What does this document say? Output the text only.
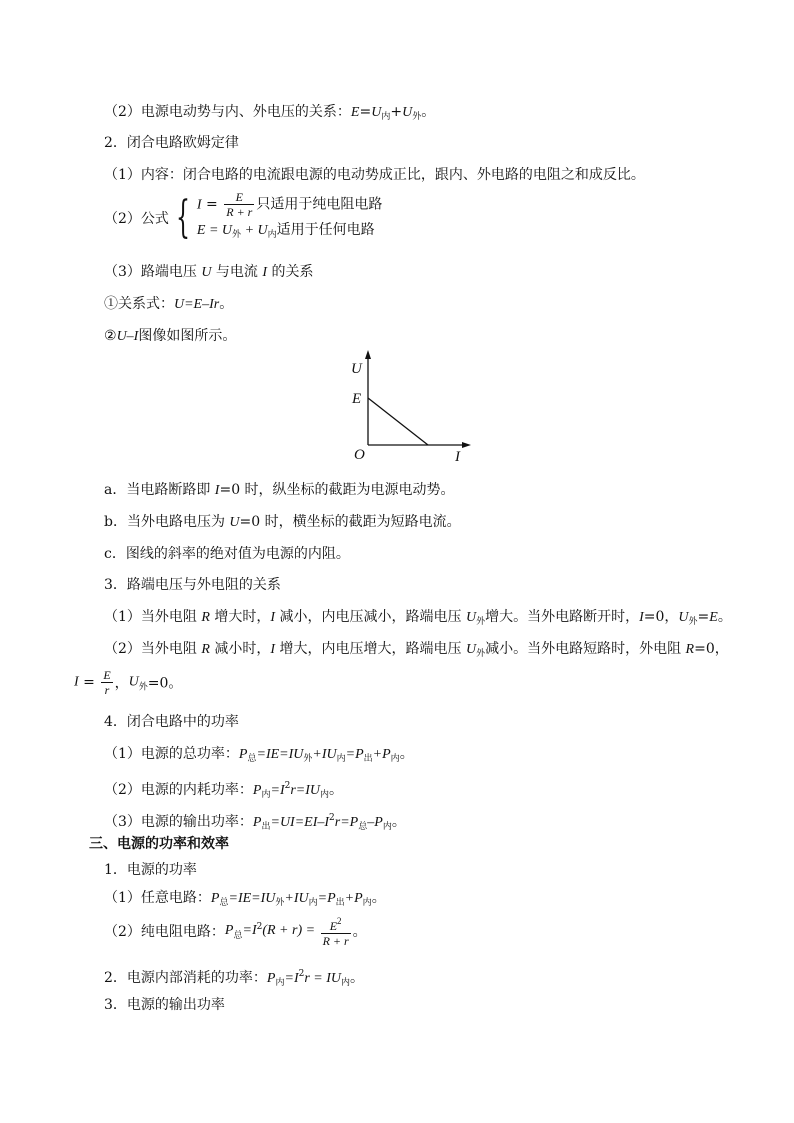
（2）电源电动势与内、外电压的关系：$E=U_内+U_外$。
2．闭合电路欧姆定律
（1）内容：闭合电路的电流跟电源的电动势成正比，跟内、外电路的电阻之和成反比。
（2）公式 { $I = \frac{E}{R + r}$ 只适用于纯电阻电路
$E = U_外 + U_内$适用于任何电路
（3）路端电压 U 与电流 I 的关系
①关系式：U=E–Ir。
②U–I图像如图所示。
U
E
O	I
a．当电路断路即 I=0 时，纵坐标的截距为电源电动势。
b．当外电路电压为 U=0 时，横坐标的截距为短路电流。
c．图线的斜率的绝对值为电源的内阻。
3．路端电压与外电阻的关系
（1）当外电阻 R 增大时，I 减小，内电压减小，路端电压 $U_外$增大。当外电路断开时，I=0，$U_外=E$。
（2）当外电阻 R 减小时，I 增大，内电压增大，路端电压 $U_外$减小。当外电路短路时，外电阻 R=0，
$I = \frac{E}{r}$ ，$U_外=0$。
4．闭合电路中的功率
（1）电源的总功率：$P_总=IE=IU_外+IU_内=P_出+P_内$。
（2）电源的内耗功率：$P_内=I^2r=IU_内$。
（3）电源的输出功率：$P_出=UI=EI-I^2r=P_总-P_内$。
三、电源的功率和效率
1．电源的功率
（1）任意电路：$P_总=IE=IU_外+IU_内=P_出+P_内$。
（2）纯电阻电路：$P_总=I^2(R + r) = \frac{E^2}{R + r}$ 。
2．电源内部消耗的功率：$P_内=I^2r = IU_内$。
3．电源的输出功率
